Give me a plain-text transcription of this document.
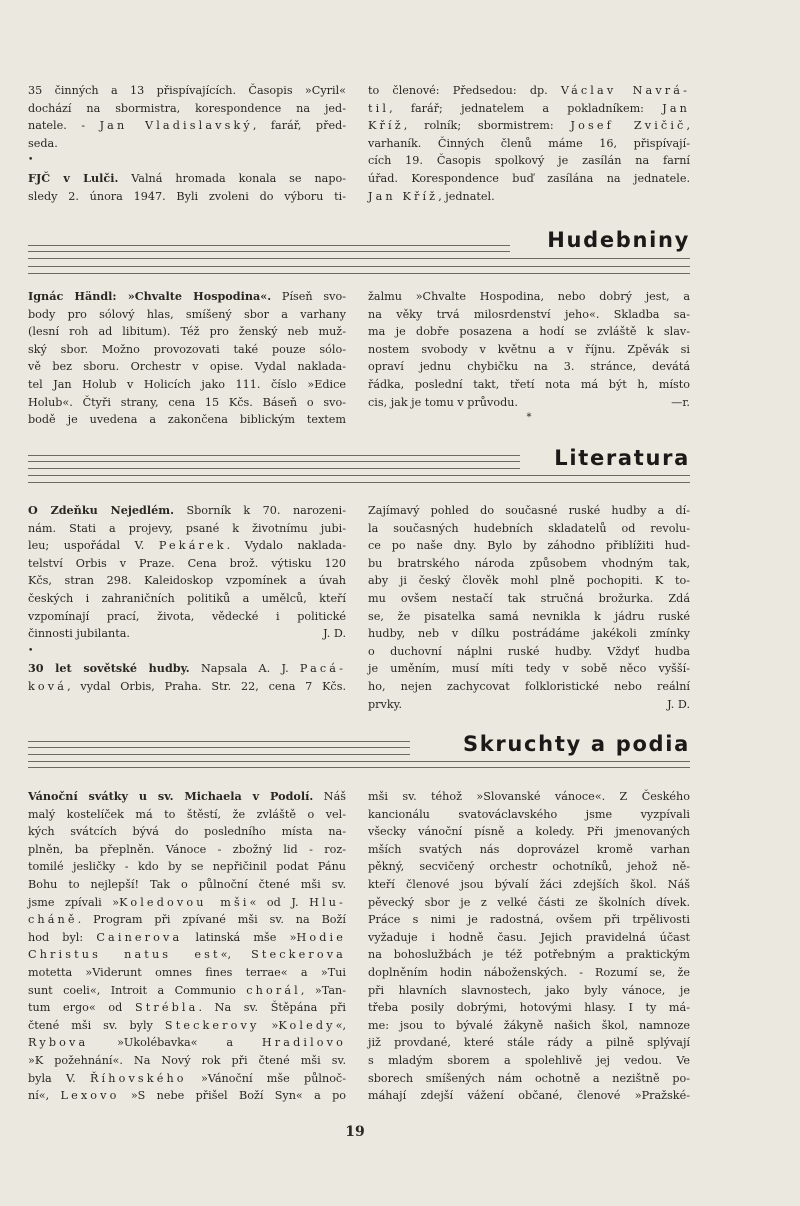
35 činných a 13 přispívajících. Časopis »Cyril«
dochází na sbormistra, korespondence na jed-
natele. - Jan Vladislavský, farář, před-
seda.
•
FJČ v Lulči. Valná hromada konala se napo-
sledy 2. února 1947. Byli zvoleni do výboru ti-
to členové: Předsedou: dp. Václav Navrá-
til, farář; jednatelem a pokladníkem: Jan
Kříž, rolník; sbormistrem: Josef Zvičič,
varhaník. Činných členů máme 16, přispívají-
cích 19. Časopis spolkový je zasílán na farní
úřad. Korespondence buď zasílána na jednatele.
Jan Kříž, jednatel.
Hudebniny
Ignác Händl: »Chvalte Hospodina«. Píseň svo-
body pro sólový hlas, smíšený sbor a varhany
(lesní roh ad libitum). Též pro ženský neb muž-
ský sbor. Možno provozovati také pouze sólo-
vě bez sboru. Orchestr v opise. Vydal naklada-
tel Jan Holub v Holicích jako 111. číslo »Edice
Holub«. Čtyři strany, cena 15 Kčs. Báseň o svo-
bodě je uvedena a zakončena biblickým textem
žalmu »Chvalte Hospodina, nebo dobrý jest, a
na věky trvá milosrdenství jeho«. Skladba sa-
ma je dobře posazena a hodí se zvláště k slav-
nostem svobody v květnu a v říjnu. Zpěvák si
opraví jednu chybičku na 3. stránce, devátá
řádka, poslední takt, třetí nota má být h, místo
cis, jak je tomu v průvodu.	—r.
*
Literatura
O Zdeňku Nejedlém. Sborník k 70. narozeni-
nám. Stati a projevy, psané k životnímu jubi-
leu; uspořádal V. Pekárek. Vydalo naklada-
telství Orbis v Praze. Cena brož. výtisku 120
Kčs, stran 298. Kaleidoskop vzpomínek a úvah
českých i zahraničních politiků a umělců, kteří
vzpomínají prací, života, vědecké i politické
činnosti jubilanta.	J. D.
•
30 let sovětské hudby. Napsala A. J. Pacá-
ková, vydal Orbis, Praha. Str. 22, cena 7 Kčs.
Zajímavý pohled do současné ruské hudby a dí-
la současných hudebních skladatelů od revolu-
ce po naše dny. Bylo by záhodno přiblížiti hud-
bu bratrského národa způsobem vhodným tak,
aby ji český člověk mohl plně pochopiti. K to-
mu ovšem nestačí tak stručná brožurka. Zdá
se, že pisatelka samá nevnikla k jádru ruské
hudby, neb v dílku postrádáme jakékoli zmínky
o duchovní náplni ruské hudby. Vždyť hudba
je uměním, musí míti tedy v sobě něco vyšší-
ho, nejen zachycovat folkloristické nebo reální
prvky.	J. D.
Skruchty a podia
Vánoční svátky u sv. Michaela v Podolí. Náš
malý kostelíček má to štěstí, že zvláště o vel-
kých svátcích bývá do posledního místa na-
plněn, ba přeplněn. Vánoce - zbožný lid - roz-
tomilé jesličky - kdo by se nepřičinil podat Pánu
Bohu to nejlepší! Tak o půlnoční čtené mši sv.
jsme zpívali »Koledovou mši« od J. Hlu-
cháně. Program při zpívané mši sv. na Boží
hod byl: Cainerova latinská mše »Hodie
Christus natus est«, Steckerova
motetta »Viderunt omnes fines terrae« a »Tui
sunt coeli«, Introit a Communio chorál, »Tan-
tum ergo« od Strébla. Na sv. Štěpána při
čtené mši sv. byly Steckerovy »Koledy«,
Rybova »Ukolébavka« a Hradilovo
»K požehnání«. Na Nový rok při čtené mši sv.
byla V. Říhovského »Vánoční mše půlnoč-
ní«, Lexovo »S nebe přišel Boží Syn« a po
mši sv. téhož »Slovanské vánoce«. Z Českého
kancionálu svatováclavského jsme vyzpívali
všecky vánoční písně a koledy. Při jmenovaných
mších svatých nás doprovázel kromě varhan
pěkný, secvičený orchestr ochotníků, jehož ně-
kteří členové jsou bývalí žáci zdejších škol. Náš
pěvecký sbor je z velké části ze školních dívek.
Práce s nimi je radostná, ovšem při trpělivosti
vyžaduje i hodně času. Jejich pravidelná účast
na bohoslužbách je též potřebným a praktickým
doplněním hodin náboženských. - Rozumí se, že
při hlavních slavnostech, jako byly vánoce, je
třeba posily dobrými, hotovými hlasy. I ty má-
me: jsou to bývalé žákyně našich škol, namnoze
již provdané, které stále rády a pilně splývají
s mladým sborem a spolehlivě jej vedou. Ve
sborech smíšených nám ochotně a nezištně po-
máhají zdejší vážení občané, členové »Pražské-
19
